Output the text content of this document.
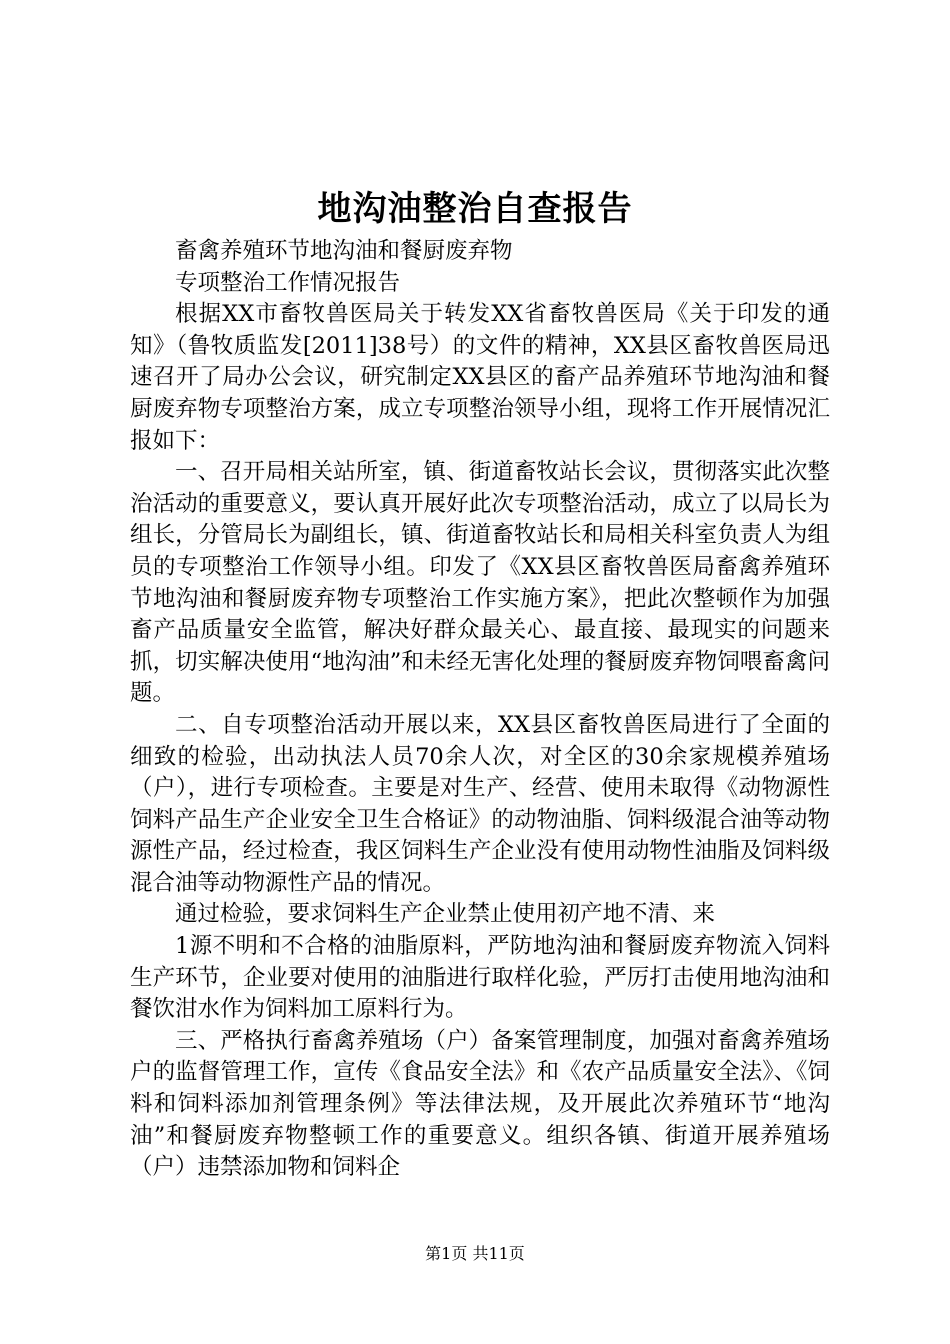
地沟油整治自查报告

畜禽养殖环节地沟油和餐厨废弃物

专项整治工作情况报告

根据XX市畜牧兽医局关于转发XX省畜牧兽医局《关于印发的通知》（鲁牧质监发[2011]38号）的文件的精神，XX县区畜牧兽医局迅速召开了局办公会议，研究制定XX县区的畜产品养殖环节地沟油和餐厨废弃物专项整治方案，成立专项整治领导小组，现将工作开展情况汇报如下：

一、召开局相关站所室，镇、街道畜牧站长会议，贯彻落实此次整治活动的重要意义，要认真开展好此次专项整治活动，成立了以局长为组长，分管局长为副组长，镇、街道畜牧站长和局相关科室负责人为组员的专项整治工作领导小组。印发了《XX县区畜牧兽医局畜禽养殖环节地沟油和餐厨废弃物专项整治工作实施方案》，把此次整顿作为加强畜产品质量安全监管，解决好群众最关心、最直接、最现实的问题来抓，切实解决使用“地沟油”和未经无害化处理的餐厨废弃物饲喂畜禽问题。

二、自专项整治活动开展以来，XX县区畜牧兽医局进行了全面的细致的检验，出动执法人员70余人次，对全区的30余家规模养殖场（户），进行专项检查。主要是对生产、经营、使用未取得《动物源性饲料产品生产企业安全卫生合格证》的动物油脂、饲料级混合油等动物源性产品，经过检查，我区饲料生产企业没有使用动物性油脂及饲料级混合油等动物源性产品的情况。

通过检验，要求饲料生产企业禁止使用初产地不清、来

1源不明和不合格的油脂原料，严防地沟油和餐厨废弃物流入饲料生产环节，企业要对使用的油脂进行取样化验，严厉打击使用地沟油和餐饮泔水作为饲料加工原料行为。

三、严格执行畜禽养殖场（户）备案管理制度，加强对畜禽养殖场户的监督管理工作，宣传《食品安全法》和《农产品质量安全法》、《饲料和饲料添加剂管理条例》等法律法规，及开展此次养殖环节“地沟油”和餐厨废弃物整顿工作的重要意义。组织各镇、街道开展养殖场（户）违禁添加物和饲料企

第1页 共11页
